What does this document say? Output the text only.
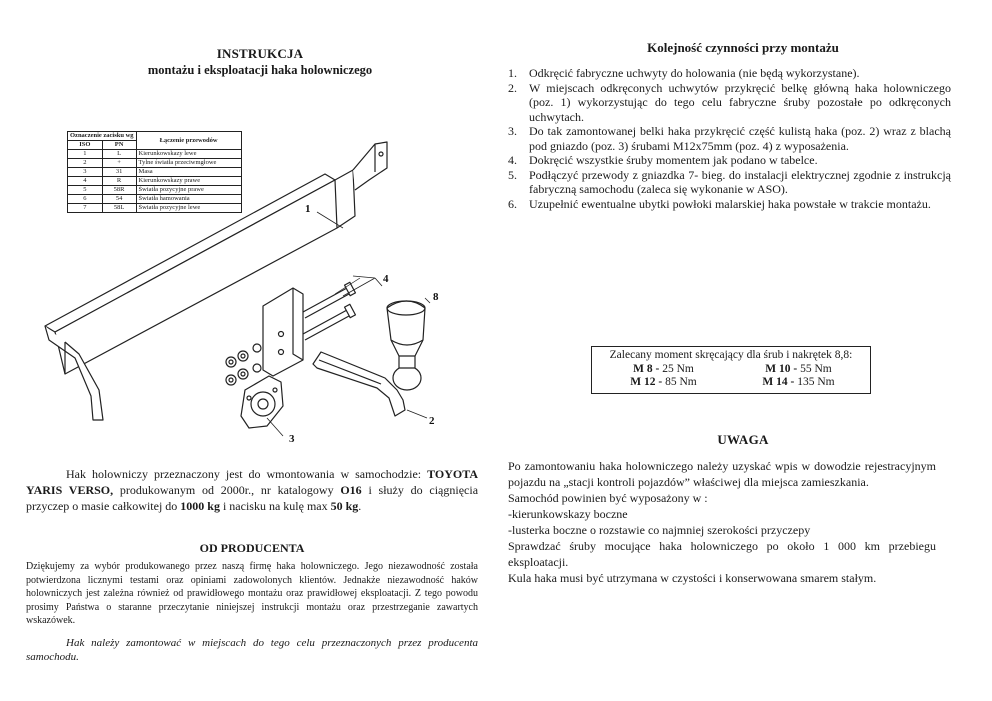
INSTRUKCJA
montażu i eksploatacji haka holowniczego
1
4
8
2
3
Oznaczenie zacisku wg		Łączenie przewodów
ISO	PN	
1	L	Kierunkowskazy lewe
2	+	Tylne światła przeciwmgłowe
3	31	Masa
4	R	Kierunkowskazy prawe
5	58R	Światła pozycyjne prawe
6	54	Światła hamowania
7	58L	Światła pozycyjne lewe
Hak holowniczy przeznaczony jest do wmontowania w samochodzie: TOYOTA YARIS VERSO, produkowanym od 2000r., nr katalogowy O16 i służy do ciągnięcia przyczep o masie całkowitej do 1000 kg i nacisku na kulę max 50 kg.
OD PRODUCENTA
Dziękujemy za wybór produkowanego przez naszą firmę haka holowniczego. Jego niezawodność została potwierdzona licznymi testami oraz opiniami zadowolonych klientów. Jednakże niezawodność haków holowniczych jest zależna również od prawidłowego montażu oraz prawidłowej eksploatacji. Z tego powodu prosimy Państwa o staranne przeczytanie niniejszej instrukcji montażu oraz przestrzeganie zawartych wskazówek.
Hak należy zamontować w miejscach do tego celu przeznaczonych przez producenta samochodu.
Kolejność czynności przy montażu
1. Odkręcić fabryczne uchwyty do holowania (nie będą wykorzystane).
2. W miejscach odkręconych uchwytów przykręcić belkę główną haka holowniczego (poz. 1) wykorzystując do tego celu fabryczne śruby pozostałe po odkręconych uchwytach.
3. Do tak zamontowanej belki haka przykręcić część kulistą haka (poz. 2) wraz z blachą pod gniazdo (poz. 3) śrubami M12x75mm (poz. 4) z wyposażenia.
4. Dokręcić wszystkie śruby momentem jak podano w tabelce.
5. Podłączyć przewody z gniazdka 7- bieg. do instalacji elektrycznej zgodnie z instrukcją fabryczną samochodu (zaleca się wykonanie w ASO).
6. Uzupełnić ewentualne ubytki powłoki malarskiej haka powstałe w trakcie montażu.
Zalecany moment skręcający dla śrub i nakrętek 8,8:
M 8 - 25 Nm	M 10 - 55 Nm
M 12 - 85 Nm	M 14 - 135 Nm
UWAGA

Po zamontowaniu haka holowniczego należy uzyskać wpis w dowodzie rejestracyjnym pojazdu na „stacji kontroli pojazdów” właściwej dla miejsca zamieszkania.

Samochód powinien być wyposażony w :

-kierunkowskazy boczne

-lusterka boczne o rozstawie co najmniej szerokości przyczepy

Sprawdzać śruby mocujące haka holowniczego po około 1 000 km przebiegu eksploatacji.

Kula haka musi być utrzymana w czystości i konserwowana smarem stałym.
